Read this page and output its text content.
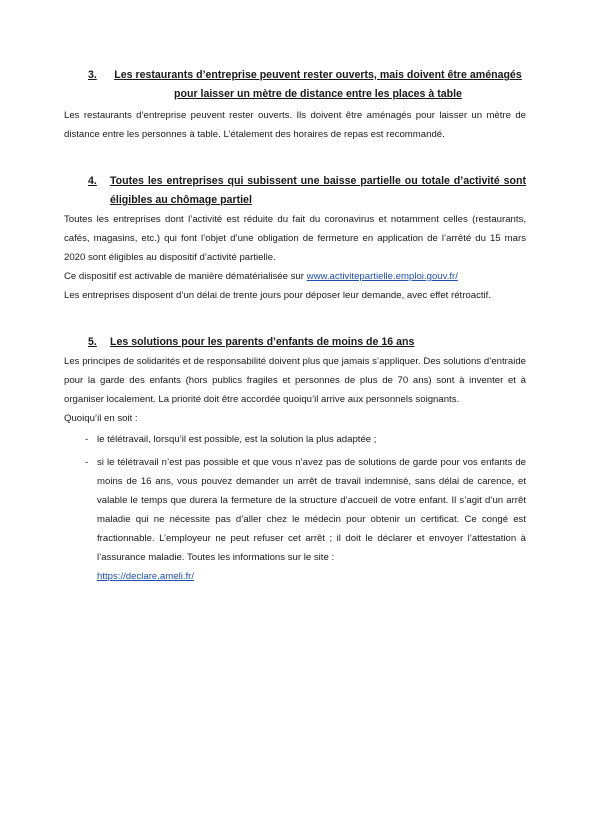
3.	Les restaurants d’entreprise peuvent rester ouverts, mais doivent être aménagés pour laisser un mètre de distance entre les places à table

Les restaurants d’entreprise peuvent rester ouverts. Ils doivent être aménagés pour laisser un mètre de distance entre les personnes à table. L’étalement des horaires de repas est recommandé.

4.	Toutes les entreprises qui subissent une baisse partielle ou totale d’activité sont éligibles au chômage partiel

Toutes les entreprises dont l’activité est réduite du fait du coronavirus et notamment celles (restaurants, cafés, magasins, etc.) qui font l’objet d’une obligation de fermeture en application de l’arrêté du 15 mars 2020 sont éligibles au dispositif d’activité partielle.

Ce dispositif est activable de manière dématérialisée sur www.activitepartielle.emploi.gouv.fr/

Les entreprises disposent d’un délai de trente jours pour déposer leur demande, avec effet rétroactif.

5.	Les solutions pour les parents d’enfants de moins de 16 ans

Les principes de solidarités et de responsabilité doivent plus que jamais s’appliquer. Des solutions d’entraide pour la garde des enfants (hors publics fragiles et personnes de plus de 70 ans) sont à inventer et à organiser localement. La priorité doit être accordée quoiqu’il arrive aux personnels soignants.

Quoiqu’il en soit :

- le télétravail, lorsqu’il est possible, est la solution la plus adaptée ;
- si le télétravail n’est pas possible et que vous n’avez pas de solutions de garde pour vos enfants de moins de 16 ans, vous pouvez demander un arrêt de travail indemnisé, sans délai de carence, et valable le temps que durera la fermeture de la structure d’accueil de votre enfant. Il s’agit d’un arrêt maladie qui ne nécessite pas d’aller chez le médecin pour obtenir un certificat. Ce congé est fractionnable. L’employeur ne peut refuser cet arrêt ; il doit le déclarer et envoyer l’attestation à l’assurance maladie. Toutes les informations sur le site :
https://declare.ameli.fr/
